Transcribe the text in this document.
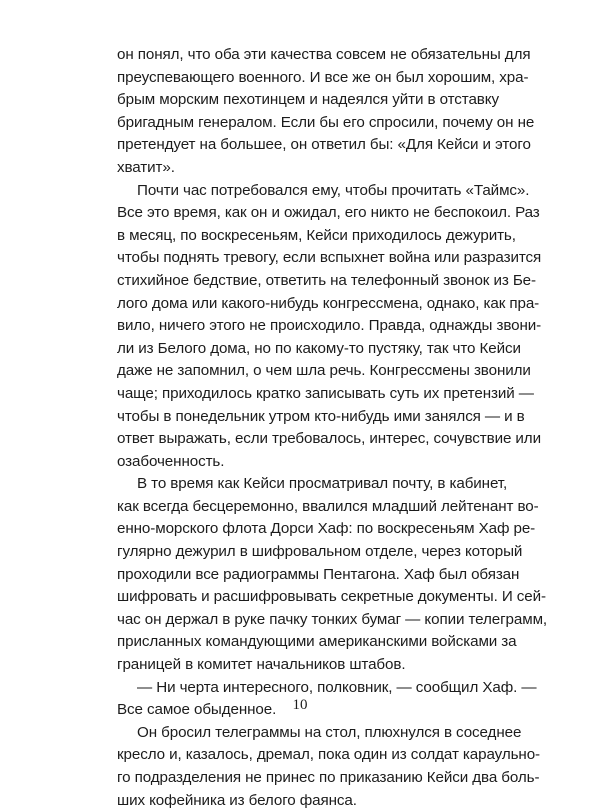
он понял, что оба эти качества совсем не обязательны для
преуспевающего военного. И все же он был хорошим, хра-
брым морским пехотинцем и надеялся уйти в отставку
бригадным генералом. Если бы его спросили, почему он не
претендует на большее, он ответил бы: «Для Кейси и этого
хватит».
Почти час потребовался ему, чтобы прочитать «Таймс».
Все это время, как он и ожидал, его никто не беспокоил. Раз
в месяц, по воскресеньям, Кейси приходилось дежурить,
чтобы поднять тревогу, если вспыхнет война или разразится
стихийное бедствие, ответить на телефонный звонок из Бе-
лого дома или какого-нибудь конгрессмена, однако, как пра-
вило, ничего этого не происходило. Правда, однажды звони-
ли из Белого дома, но по какому-то пустяку, так что Кейси
даже не запомнил, о чем шла речь. Конгрессмены звонили
чаще; приходилось кратко записывать суть их претензий —
чтобы в понедельник утром кто-нибудь ими занялся — и в
ответ выражать, если требовалось, интерес, сочувствие или
озабоченность.
В то время как Кейси просматривал почту, в кабинет,
как всегда бесцеремонно, ввалился младший лейтенант во-
енно-морского флота Дорси Хаф: по воскресеньям Хаф ре-
гулярно дежурил в шифровальном отделе, через который
проходили все радиограммы Пентагона. Хаф был обязан
шифровать и расшифровывать секретные документы. И сей-
час он держал в руке пачку тонких бумаг — копии телеграмм,
присланных командующими американскими войсками за
границей в комитет начальников штабов.
— Ни черта интересного, полковник, — сообщил Хаф. —
Все самое обыденное.
Он бросил телеграммы на стол, плюхнулся в соседнее
кресло и, казалось, дремал, пока один из солдат караульно-
го подразделения не принес по приказанию Кейси два боль-
ших кофейника из белого фаянса.
10
